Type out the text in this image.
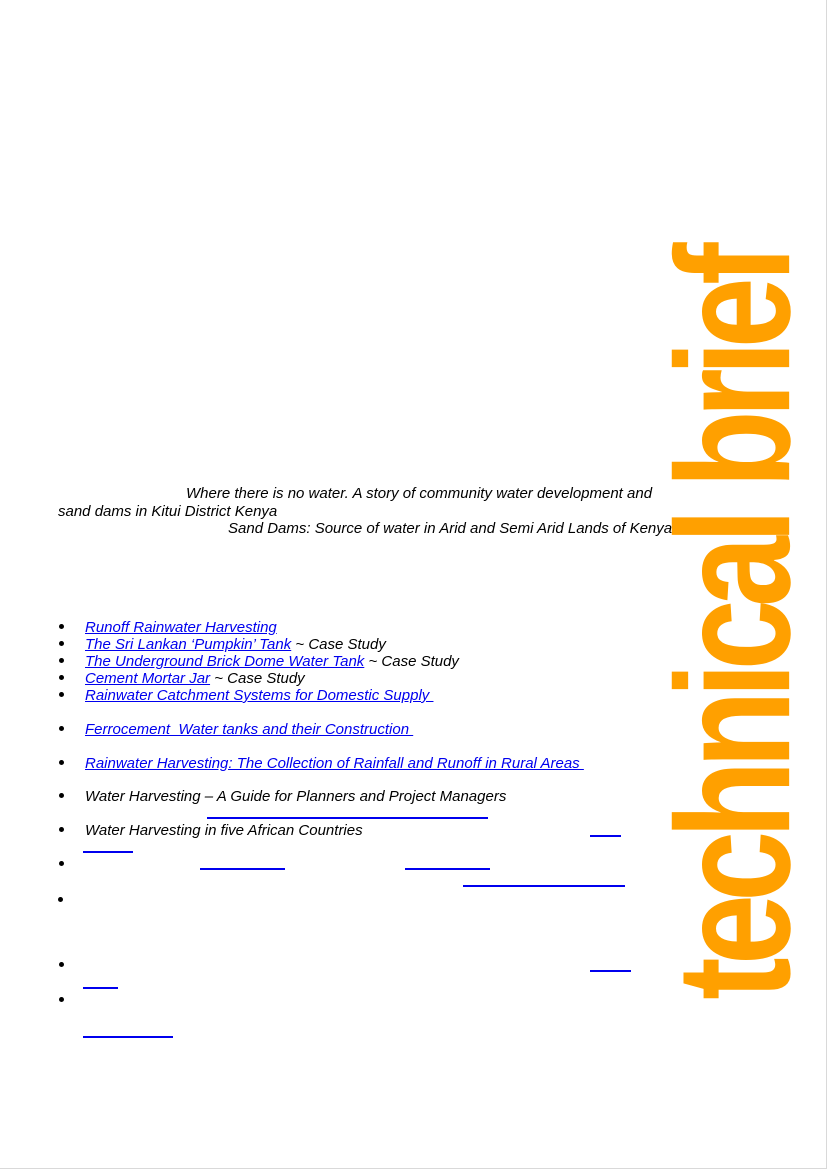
technical brief
Where there is no water. A story of community water development and
sand dams in Kitui District Kenya
Sand Dams: Source of water in Arid and Semi Arid Lands of Kenya
Runoff Rainwater Harvesting
The Sri Lankan ‘Pumpkin’ Tank ~ Case Study
The Underground Brick Dome Water Tank ~ Case Study
Cement Mortar Jar ~ Case Study
Rainwater Catchment Systems for Domestic Supply
Ferrocement  Water tanks and their Construction
Rainwater Harvesting: The Collection of Rainfall and Runoff in Rural Areas
Water Harvesting – A Guide for Planners and Project Managers
Water Harvesting in five African Countries
